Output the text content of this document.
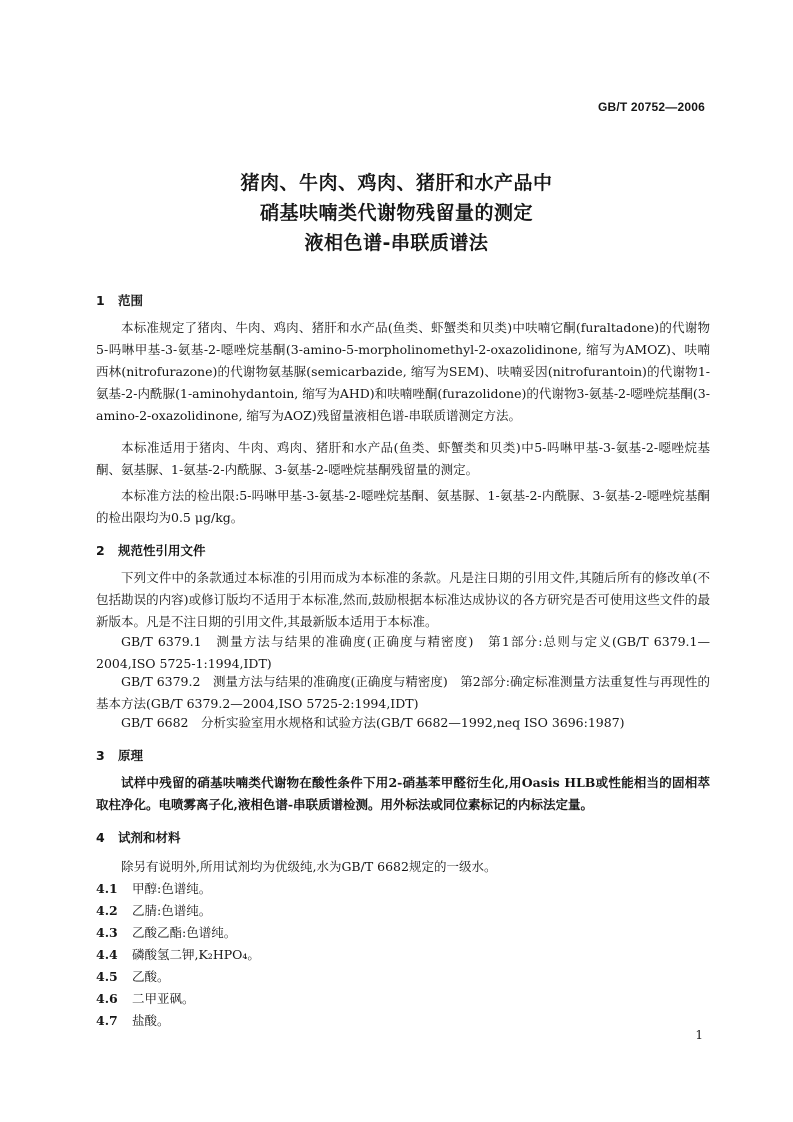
GB/T 20752—2006
猪肉、牛肉、鸡肉、猪肝和水产品中
硝基呋喃类代谢物残留量的测定
液相色谱-串联质谱法
1 范围
本标准规定了猪肉、牛肉、鸡肉、猪肝和水产品(鱼类、虾蟹类和贝类)中呋喃它酮(furaltadone)的代谢物 5-吗啉甲基-3-氨基-2-噁唑烷基酮(3-amino-5-morpholinomethyl-2-oxazolidinone, 缩写为AMOZ)、呋喃西林(nitrofurazone)的代谢物氨基脲(semicarbazide, 缩写为SEM)、呋喃妥因(nitrofurantoin)的代谢物1-氨基-2-内酰脲(1-aminohydantoin, 缩写为AHD)和呋喃唑酮(furazolidone)的代谢物3-氨基-2-噁唑烷基酮(3-amino-2-oxazolidinone, 缩写为AOZ)残留量液相色谱-串联质谱测定方法。
本标准适用于猪肉、牛肉、鸡肉、猪肝和水产品(鱼类、虾蟹类和贝类)中5-吗啉甲基-3-氨基-2-噁唑烷基酮、氨基脲、1-氨基-2-内酰脲、3-氨基-2-噁唑烷基酮残留量的测定。
本标准方法的检出限:5-吗啉甲基-3-氨基-2-噁唑烷基酮、氨基脲、1-氨基-2-内酰脲、3-氨基-2-噁唑烷基酮的检出限均为0.5 μg/kg。
2 规范性引用文件
下列文件中的条款通过本标准的引用而成为本标准的条款。凡是注日期的引用文件,其随后所有的修改单(不包括勘误的内容)或修订版均不适用于本标准,然而,鼓励根据本标准达成协议的各方研究是否可使用这些文件的最新版本。凡是不注日期的引用文件,其最新版本适用于本标准。
GB/T 6379.1　测量方法与结果的准确度(正确度与精密度)　第1部分:总则与定义(GB/T 6379.1—2004,ISO 5725-1:1994,IDT)
GB/T 6379.2　测量方法与结果的准确度(正确度与精密度)　第2部分:确定标准测量方法重复性与再现性的基本方法(GB/T 6379.2—2004,ISO 5725-2:1994,IDT)
GB/T 6682　分析实验室用水规格和试验方法(GB/T 6682—1992,neq ISO 3696:1987)
3 原理
试样中残留的硝基呋喃类代谢物在酸性条件下用2-硝基苯甲醛衍生化,用Oasis HLB或性能相当的固相萃取柱净化。电喷雾离子化,液相色谱-串联质谱检测。用外标法或同位素标记的内标法定量。
4 试剂和材料
除另有说明外,所用试剂均为优级纯,水为GB/T 6682规定的一级水。
4.1 甲醇:色谱纯。
4.2 乙腈:色谱纯。
4.3 乙酸乙酯:色谱纯。
4.4 磷酸氢二钾,K₂HPO₄。
4.5 乙酸。
4.6 二甲亚砜。
4.7 盐酸。
1
